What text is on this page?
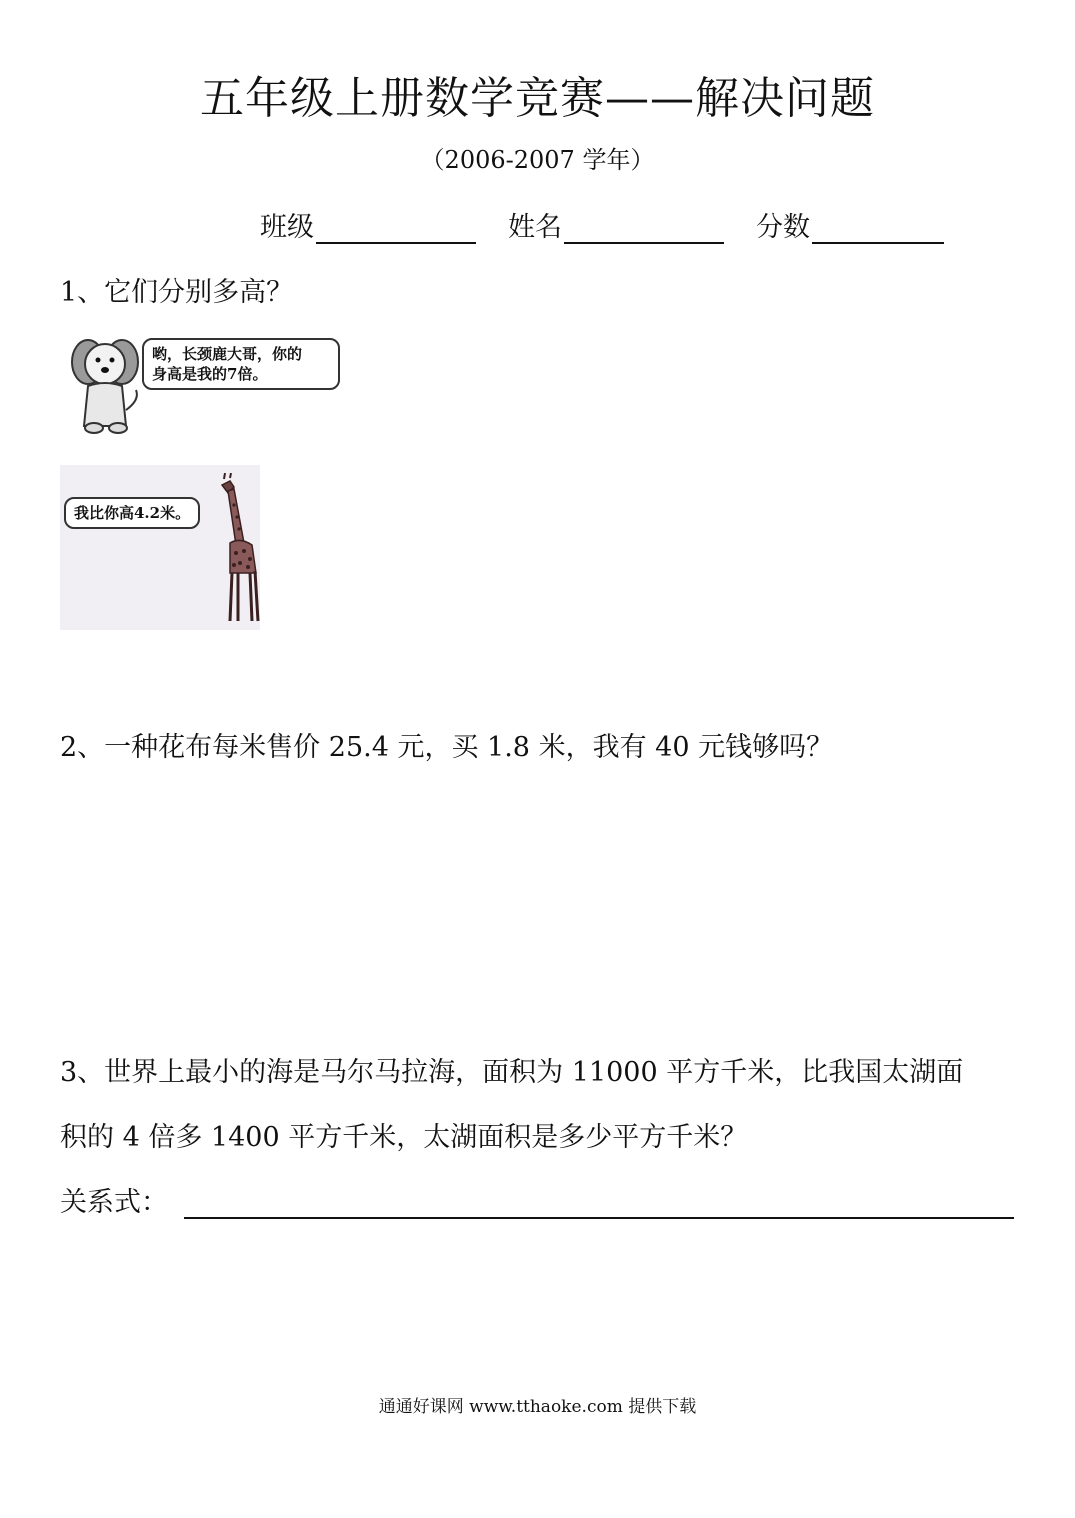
五年级上册数学竞赛——解决问题
（2006-2007 学年）
班级	姓名	分数
1、它们分别多高？
哟，长颈鹿大哥，你的
身高是我的7倍。
我比你高4.2米。
2、一种花布每米售价 25.4 元，买 1.8 米，我有 40 元钱够吗？
3、世界上最小的海是马尔马拉海，面积为 11000 平方千米，比我国太湖面
积的 4 倍多 1400 平方千米，太湖面积是多少平方千米？
关系式：
通通好课网 www.tthaoke.com 提供下载
